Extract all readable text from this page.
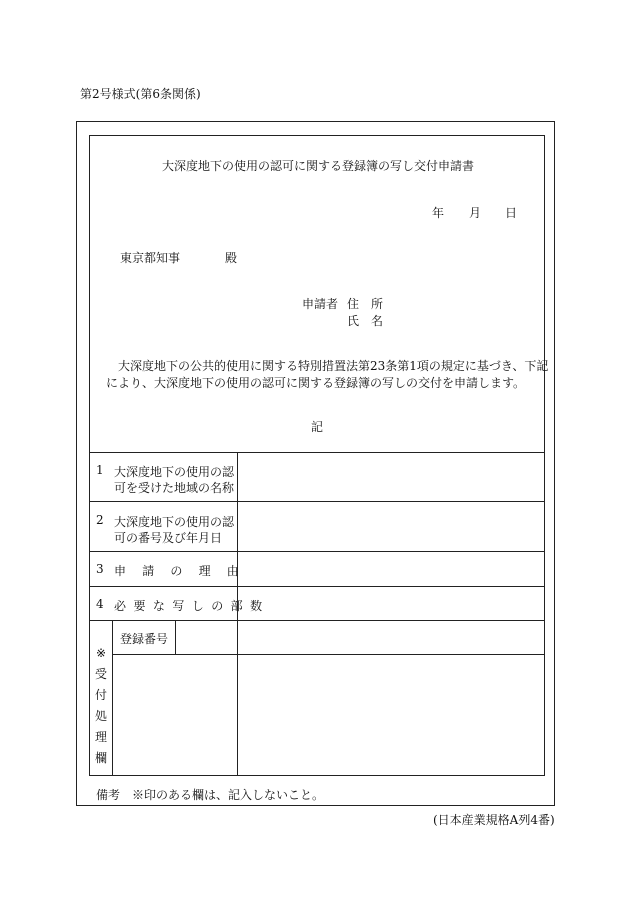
第2号様式(第6条関係)
大深度地下の使用の認可に関する登録簿の写し交付申請書
年 月 日
東京都知事	殿
申請者 住　所
氏　名
大深度地下の公共的使用に関する特別措置法第23条第1項の規定に基づき、下記
により、大深度地下の使用の認可に関する登録簿の写しの交付を申請します。
記
1 大深度地下の使用の認
可を受けた地域の名称
2 大深度地下の使用の認
可の番号及び年月日
3 申請の理由
4 必要な写しの部数
※
受
付
処
理
欄
登録番号
備考　※印のある欄は、記入しないこと。
(日本産業規格A列4番)
